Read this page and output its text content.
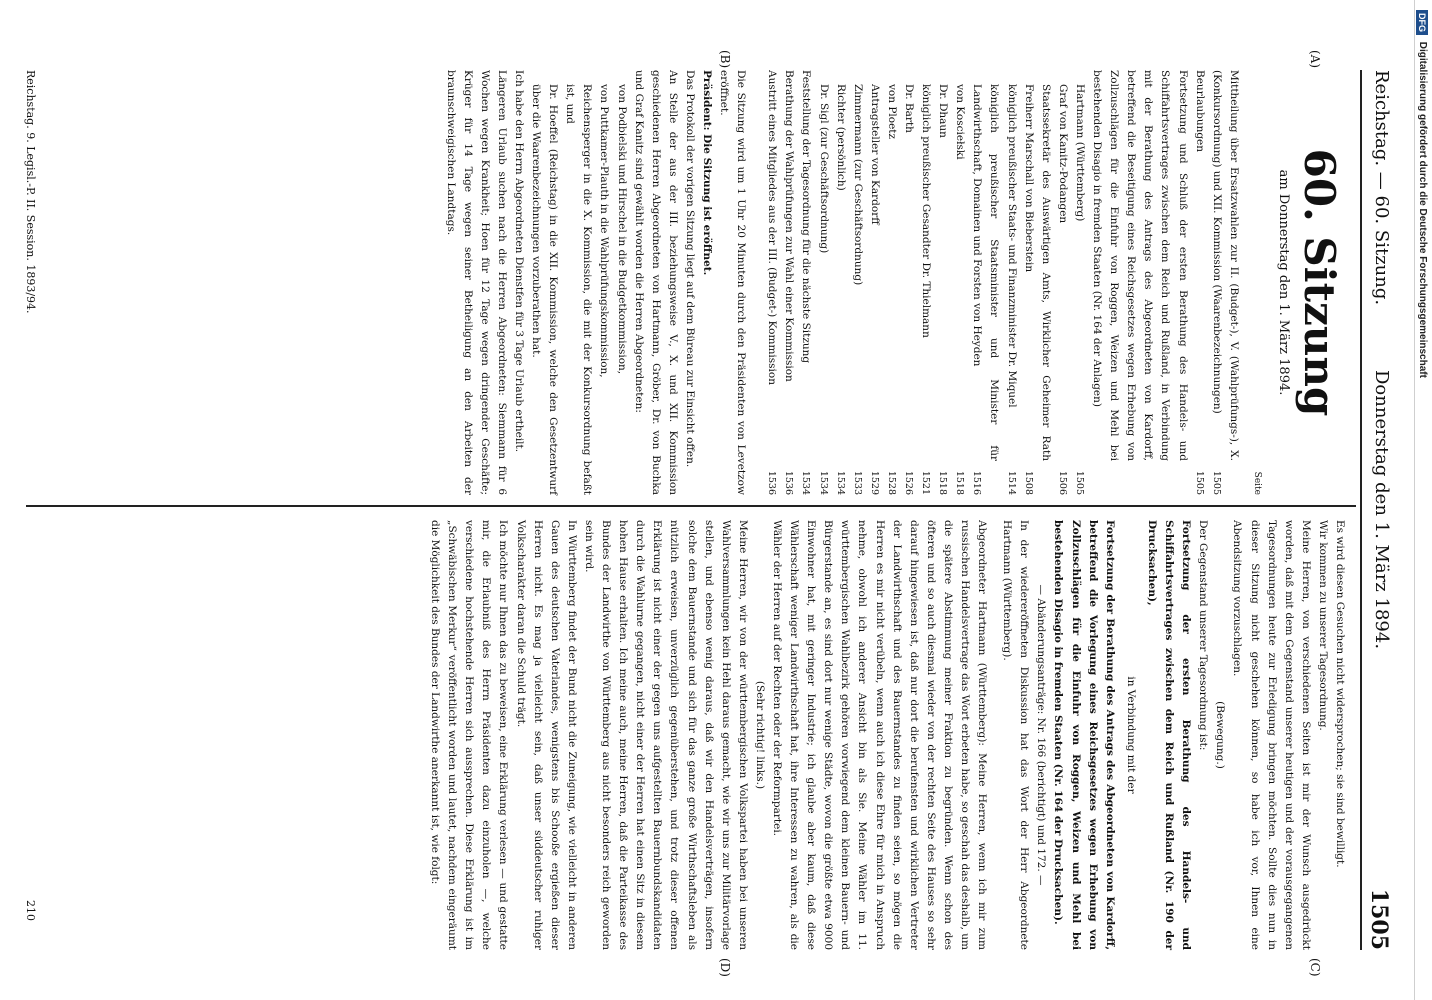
Reichstag. — 60. Sitzung.
Donnerstag den 1. März 1894.
1505
60. Sitzung
am Donnerstag den 1. März 1894.
Seite
Mittheilung über Ersatzwahlen zur II. (Budget-), V. (Wahlprüfungs-), X. (Konkursordnung) und XII. Kommission (Waarenbezeichnungen)
1505
Beurlaubungen
1505
Fortsetzung und Schluß der ersten Berathung des Handels- und Schiffahrtsvertrages zwischen dem Reich und Rußland, in Verbindung mit der Berathung des Antrags des Abgeordneten von Kardorff, betreffend die Beseitigung eines Reichsgesetzes wegen Erhebung von Zollzuschlägen für die Einfuhr von Roggen, Weizen und Mehl bei bestehenden Disagio in fremden Staaten (Nr. 164 der Anlagen)
Hartmann (Württemberg)
1505
Graf von Kanitz-Podangen
1506
Staatssekretär des Auswärtigen Amts, Wirklicher Geheimer Rath Freiherr Marschall von Bieberstein
1508
königlich preußischer Staats- und Finanzminister Dr. Miquel
1514
königlich preußischer Staatsminister und Minister für Landwirthschaft, Domainen und Forsten von Heyden
1516
von Kosciełski
1518
Dr. Dhaun
1518
königlich preußischer Gesandter Dr. Thielmann
1521
Dr. Barth
1526
von Ploetz
1528
Antragsteller von Kardorff
1529
Zimmermann (zur Geschäftsordnung)
1533
Richter (persönlich)
1534
Dr. Sigl (zur Geschäftsordnung)
1534
Feststellung der Tagesordnung für die nächste Sitzung
1534
Berathung der Wahlprüfungen zur Wahl einer Kommission
1536
Austritt eines Mitgliedes aus der III. (Budget-) Kommission
1536

Die Sitzung wird um 1 Uhr 20 Minuten durch den Präsidenten von Levetzow eröffnet.

Präsident: Die Sitzung ist eröffnet.

Das Protokoll der vorigen Sitzung liegt auf dem Büreau zur Einsicht offen.

An Stelle der aus der III. beziehungsweise V., X. und XII. Kommission geschiedenen Herren Abgeordneten von Hartmann, Gröber, Dr. von Buchka und Graf Kanitz sind gewählt worden die Herren Abgeordneten:

von Podbielski und Hirschel in die Budgetkommission,

von Puttkamer-Plauth in die Wahlprüfungskommission,

Reichensperger in die X. Kommission, die mit der Konkursordnung befaßt ist, und

Dr. Hoeffel (Reichstag) in die XII. Kommission, welche den Gesetzentwurf über die Waarenbezeichnungen vorzuberathen hat.

Ich habe den Herrn Abgeordneten Dienstfen für 3 Tage Urlaub ertheilt.

Längeren Urlaub suchen nach die Herren Abgeordneten: Siemmann für 6 Wochen wegen Krankheit; Hoen für 12 Tage wegen dringender Geschäfte; Krüger für 14 Tage wegen seiner Betheiligung an den Arbeiten der braunschweigischen Landtags.

Reichstag. 9. Legisl.-P. II. Session. 1893/94.

Es wird diesen Gesuchen nicht widersprochen; sie sind bewilligt.

Wir kommen zu unserer Tagesordnung.

Meine Herren, von verschiedenen Seiten ist mir der Wunsch ausgedrückt worden, daß mit dem Gegenstand unserer heutigen und der vorausgegangenen Tagesordnungen heute zur Erledigung bringen möchten. Sollte dies nun in dieser Sitzung nicht geschehen können, so habe ich vor, Ihnen eine Abendsitzung vorzuschlagen.

(Bewegung.)

Der Gegenstand unserer Tagesordnung ist:

Fortsetzung der ersten Berathung des Handels- und Schiffahrtsvertrages zwischen dem Reich und Rußland (Nr. 190 der Drucksachen),

in Verbindung mit der

Fortsetzung der Berathung des Antrags des Abgeordneten von Kardorff, betreffend die Vorlegung eines Reichsgesetzes wegen Erhebung von Zollzuschlägen für die Einfuhr von Roggen, Weizen und Mehl bei bestehenden Disagio in fremden Staaten (Nr. 164 der Drucksachen).

— Abänderungsanträge: Nr. 166 (berichtigt) und 172. —

In der wiedereröffneten Diskussion hat das Wort der Herr Abgeordnete Hartmann (Württemberg).

Abgeordneter Hartmann (Württemberg): Meine Herren, wenn ich mir zum russischen Handelsvertrage das Wort erbeten habe, so geschah das deshalb, um die spätere Abstimmung meiner Fraktion zu begründen. Wenn schon des öfteren und so auch diesmal wieder von der rechten Seite des Hauses so sehr darauf hingewiesen ist, daß nur dort die berufensten und wirklichen Vertreter der Landwirthschaft und des Bauernstandes zu finden seien, so mögen die Herren es mir nicht verübeln, wenn auch ich diese Ehre für mich in Anspruch nehme, obwohl ich anderer Ansicht bin als Sie. Meine Wähler im 11. württembergischen Wahlbezirk gehören vorwiegend dem kleinen Bauern- und Bürgerstande an, es sind dort nur wenige Städte, wovon die größte etwa 9000 Einwohner hat, mit geringer Industrie; ich glaube aber kaum, daß diese Wählerschaft weniger Landwirthschaft hat, ihre Interessen zu wahren, als die Wähler der Herren auf der Rechten oder der Reformpartei.

(Sehr richtig! links.)

Meine Herren, wir von der württembergischen Volkspartei haben bei unseren Wahlversammlungen kein Hehl daraus gemacht, wie wir uns zur Militärvorlage stellen, und ebenso wenig daraus, daß wir den Handelsverträgen, insofern solche dem Bauernstande und sich für das ganze große Wirthschaftsleben als nützlich erweisen, unverzüglich gegenüberstehen, und trotz dieser offenen Erklärung ist nicht einer der gegen uns aufgestellten Bauernbundskandidaten durch die Wahlurne gegangen, nicht einer der Herren hat einen Sitz in diesem hohen Hause erhalten. Ich meine auch, meine Herren, daß die Parteikasse des Bundes der Landwirthe von Württemberg aus nicht besonders reich geworden sein wird.

In Württemberg findet der Bund nicht die Zuneigung, wie vielleicht in anderen Gauen des deutschen Vaterlandes, wenigstens bis Schooße ergießen dieser Herren nicht. Es mag ja vielleicht sein, daß unser süddeutscher ruhiger Volkscharakter daran die Schuld trägt.

Ich möchte nur Ihnen das zu beweisen, eine Erklärung verlesen — und gestatte mir, die Erlaubniß des Herrn Präsidenten dazu einzuholen —, welche verschiedene hochstehende Herren sich aussprechen. Diese Erklärung ist im „Schwäbischen Merkur“ veröffentlicht worden und lautet, nachdem eingeräumt die Möglichkeit des Bundes der Landwirthe anerkannt ist, wie folgt:

210
(A)
(B)
(C)
(D)
DFG Digitalisierung gefördert durch die Deutsche Forschungsgemeinschaft
